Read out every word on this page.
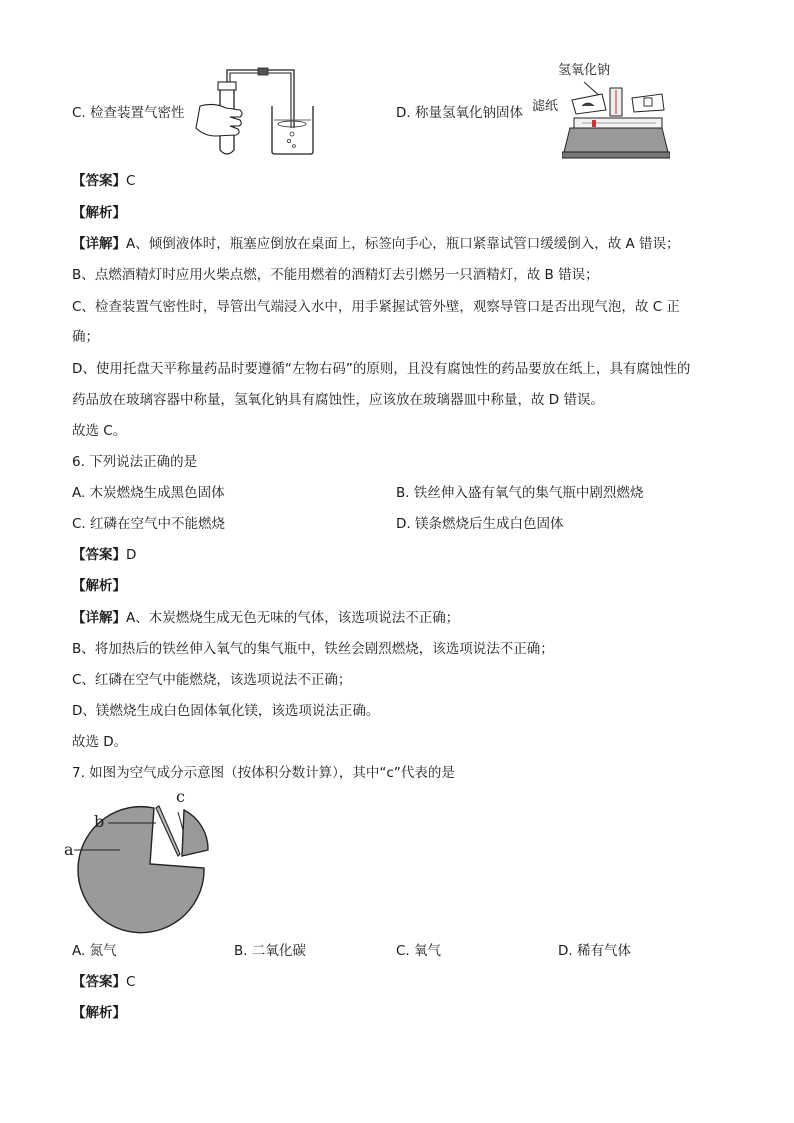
C. 检查装置气密性	D. 称量氢氧化钠固体
氢氧化钠
滤纸
【答案】C
【解析】
【详解】A、倾倒液体时，瓶塞应倒放在桌面上，标签向手心，瓶口紧靠试管口缓缓倒入，故 A 错误；
B、点燃酒精灯时应用火柴点燃，不能用燃着的酒精灯去引燃另一只酒精灯，故 B 错误；
C、检查装置气密性时，导管出气端浸入水中，用手紧握试管外壁，观察导管口是否出现气泡，故 C 正
确；
D、使用托盘天平称量药品时要遵循“左物右码”的原则，且没有腐蚀性的药品要放在纸上，具有腐蚀性的
药品放在玻璃容器中称量，氢氧化钠具有腐蚀性，应该放在玻璃器皿中称量，故 D 错误。
故选 C。
6. 下列说法正确的是
A. 木炭燃烧生成黑色固体	B. 铁丝伸入盛有氧气的集气瓶中剧烈燃烧
C. 红磷在空气中不能燃烧	D. 镁条燃烧后生成白色固体
【答案】D
【解析】
【详解】A、木炭燃烧生成无色无味的气体，该选项说法不正确；
B、将加热后的铁丝伸入氧气的集气瓶中，铁丝会剧烈燃烧，该选项说法不正确；
C、红磷在空气中能燃烧，该选项说法不正确；
D、镁燃烧生成白色固体氧化镁，该选项说法正确。
故选 D。
7. 如图为空气成分示意图（按体积分数计算），其中“c”代表的是
a
b
c
A. 氮气	B. 二氧化碳	C. 氧气	D. 稀有气体
【答案】C
【解析】
